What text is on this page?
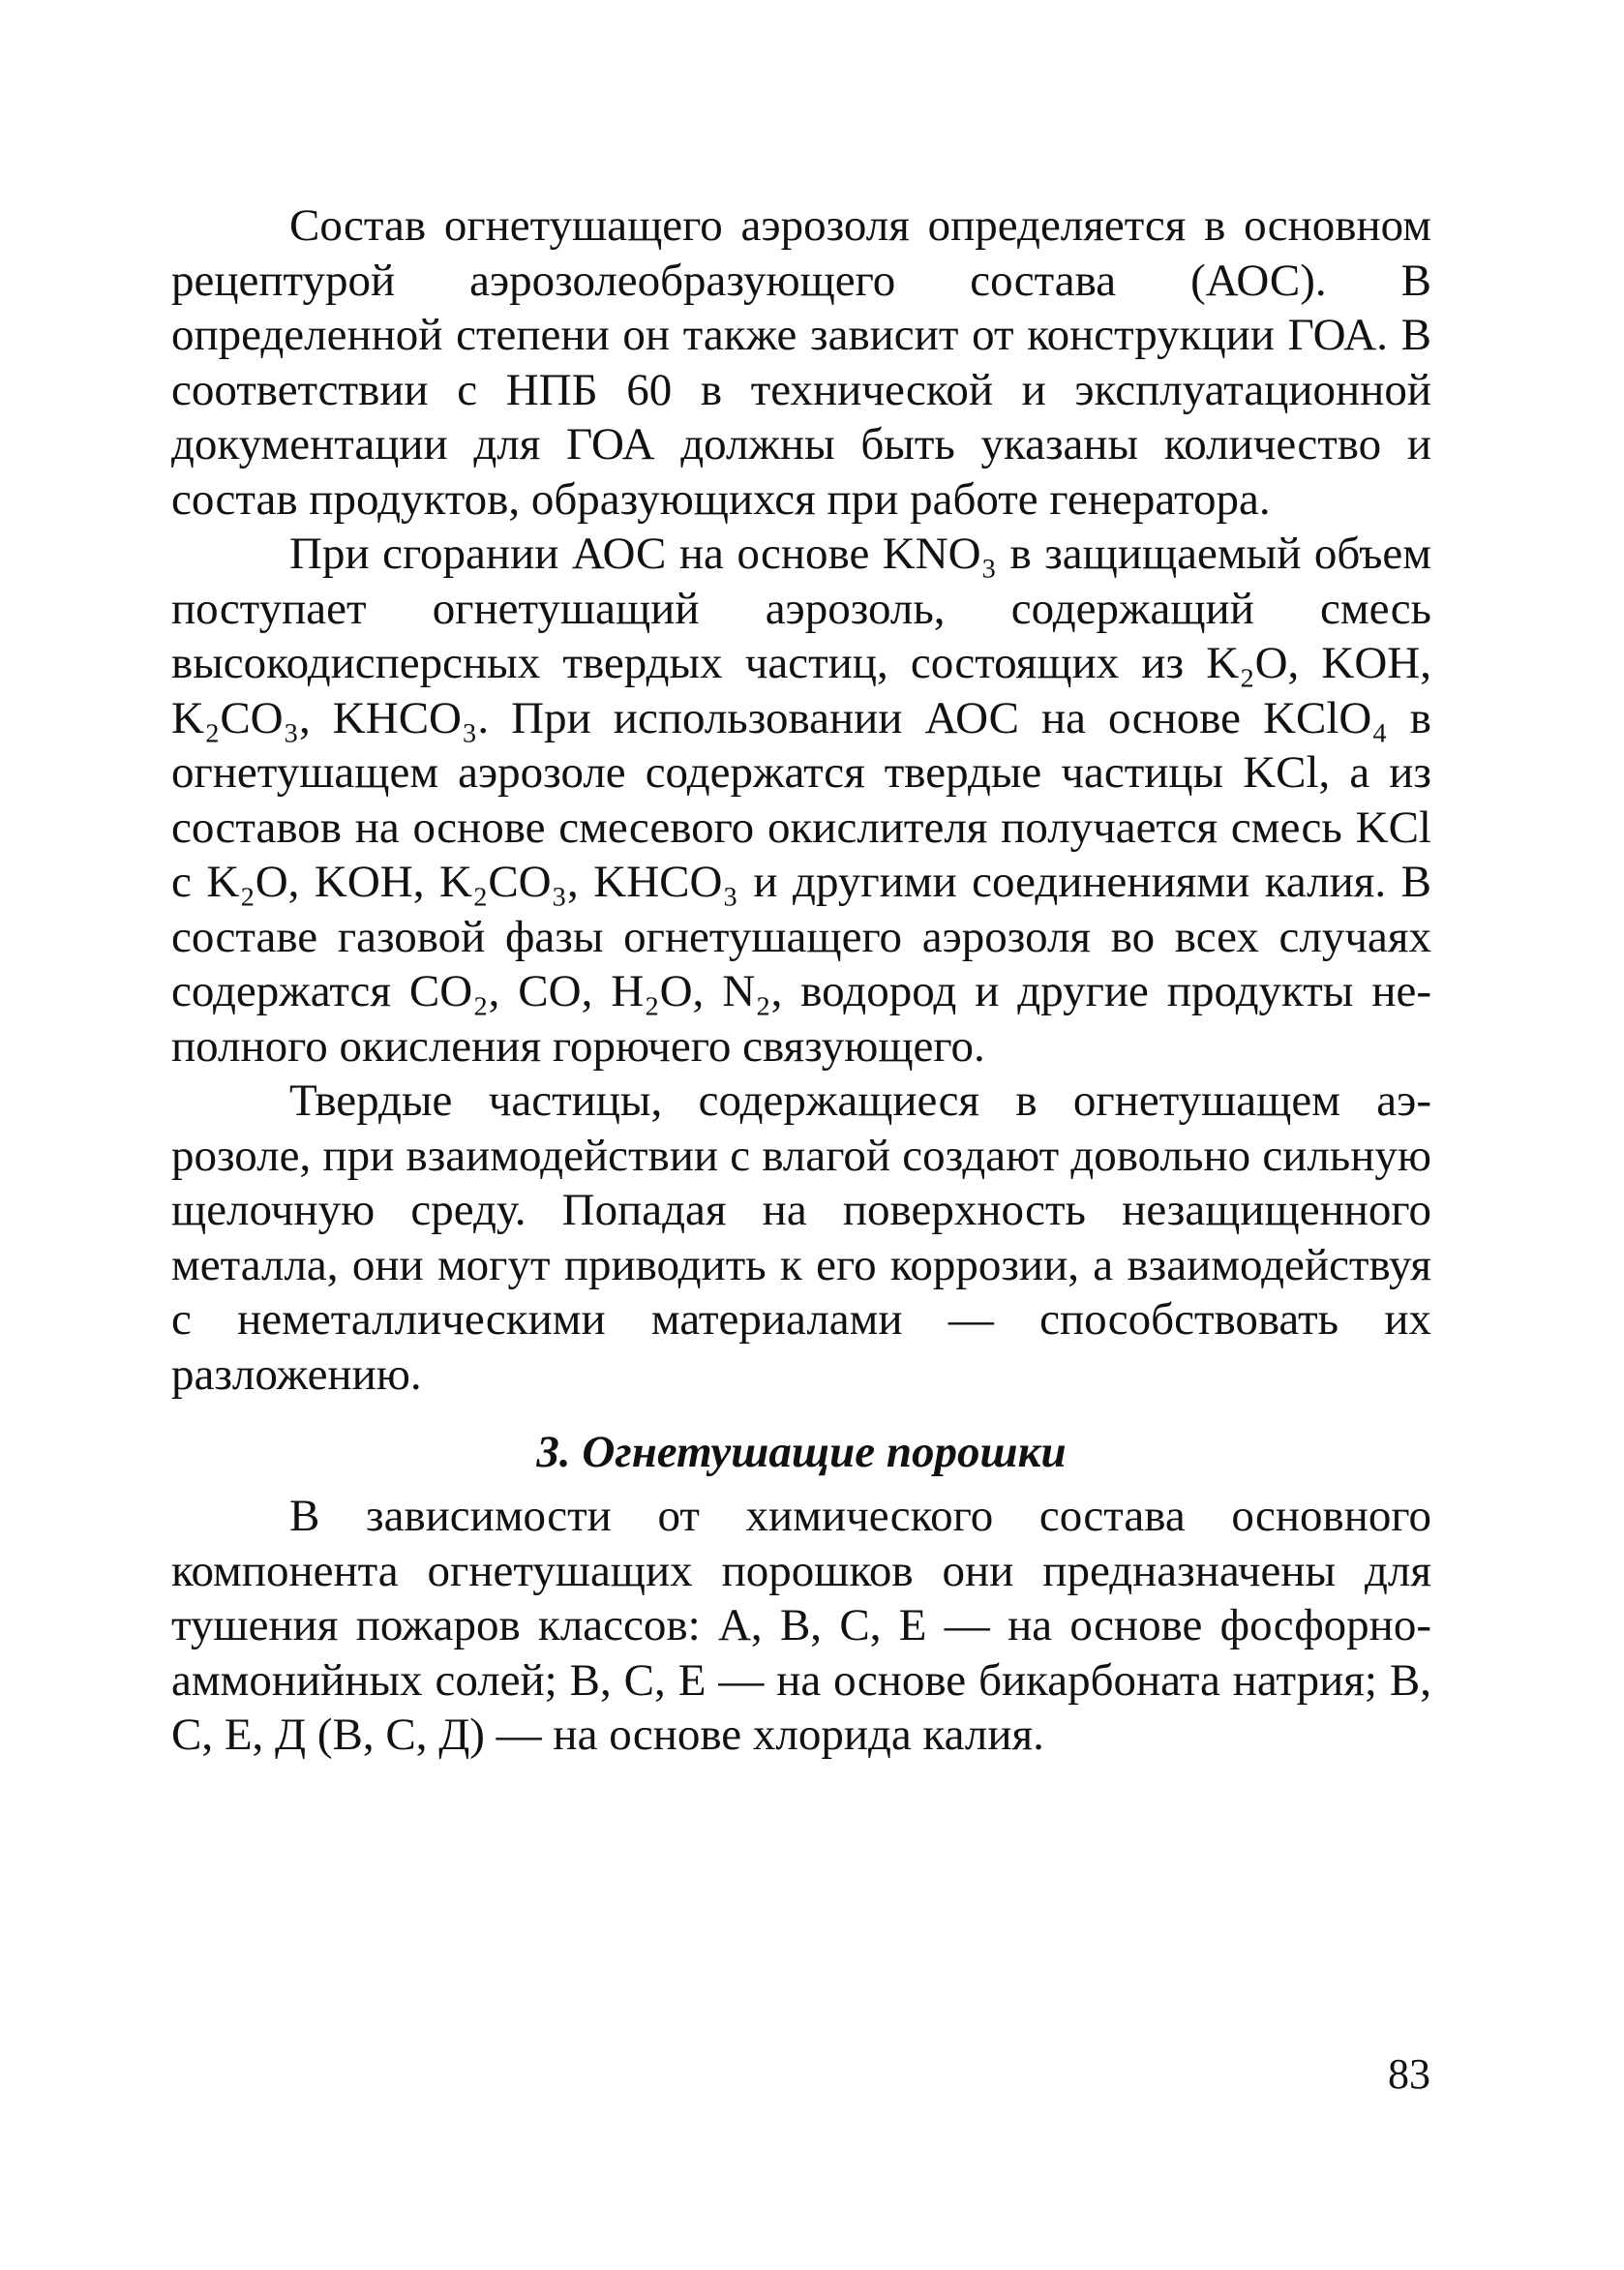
Состав огнетушащего аэрозоля определяется в основном рецептурой аэрозолеобразующего состава (АОС). В определенной степени он также зависит от конструкции ГОА. В соответствии с НПБ 60 в технической и эксплуатационной документации для ГОА должны быть указаны количество и состав продуктов, образующихся при работе генератора.

При сгорании АОС на основе KNO₃ в защищаемый объем поступает огнетушащий аэрозоль, содержащий смесь высокодисперсных твердых частиц, состоящих из K₂O, KOH, K₂CO₃, KHCO₃. При использовании АОС на основе KClO₄ в огнетушащем аэрозоле содержатся твердые частицы KCl, а из составов на основе смесевого окислителя получается смесь KCl с K₂O, KOH, K₂CO₃, KHCO₃ и другими соединениями калия. В составе газовой фазы огнетушащего аэрозоля во всех случаях содержатся CO₂, CO, H₂O, N₂, водород и другие продукты неполного окисления горючего связующего.

Твердые частицы, содержащиеся в огнетушащем аэрозоле, при взаимодействии с влагой создают довольно сильную щелочную среду. Попадая на поверхность незащищенного металла, они могут приводить к его коррозии, а взаимодействуя с неметаллическими материалами — способствовать их разложению.

3. Огнетушащие порошки

В зависимости от химического состава основного компонента огнетушащих порошков они предназначены для тушения пожаров классов: А, В, С, Е — на основе фосфорно-аммонийных солей; В, С, Е — на основе бикарбоната натрия; В, С, Е, Д (В, С, Д) — на основе хлорида калия.

83
